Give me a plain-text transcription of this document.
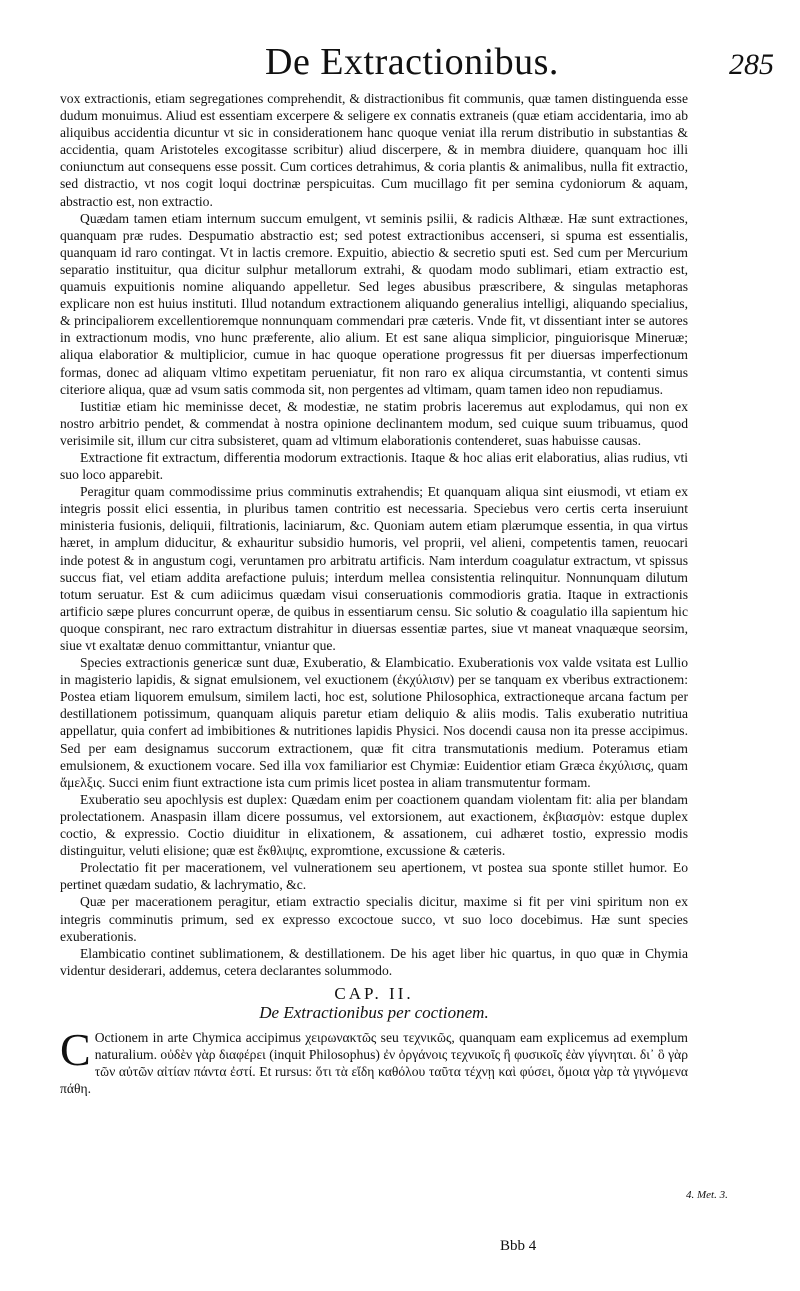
De Extractionibus.	285

vox extractionis, etiam segregationes comprehendit, & distractionibus fit communis, quæ tamen distinguenda esse dudum monuimus. Aliud est essentiam excerpere & seligere ex connatis extraneis (quæ etiam accidentaria, imo ab aliquibus accidentia dicuntur vt sic in considerationem hanc quoque veniat illa rerum distributio in substantias & accidentia, quam Aristoteles excogitasse scribitur) aliud discerpere, & in membra diuidere, quanquam hoc illi coniunctum aut consequens esse possit. Cum cortices detrahimus, & coria plantis & animalibus, nulla fit extractio, sed distractio, vt nos cogit loqui doctrinæ perspicuitas. Cum mucillago fit per semina cydoniorum & aquam, abstractio est, non extractio.

Quædam tamen etiam internum succum emulgent, vt seminis psilii, & radicis Althææ. Hæ sunt extractiones, quanquam præ rudes. Despumatio abstractio est; sed potest extractionibus accenseri, si spuma est essentialis, quanquam id raro contingat. Vt in lactis cremore. Expuitio, abiectio & secretio sputi est. Sed cum per Mercurium separatio instituitur, qua dicitur sulphur metallorum extrahi, & quodam modo sublimari, etiam extractio est, quamuis expuitionis nomine aliquando appelletur. Sed leges abusibus præscribere, & singulas metaphoras explicare non est huius instituti. Illud notandum extractionem aliquando generalius intelligi, aliquando specialius, & principaliorem excellentioremque nonnunquam commendari præ cæteris. Vnde fit, vt dissentiant inter se autores in extractionum modis, vno hunc præferente, alio alium. Et est sane aliqua simplicior, pinguiorisque Mineruæ; aliqua elaboratior & multiplicior, cumue in hac quoque operatione progressus fit per diuersas imperfectionum formas, donec ad aliquam vltimo expetitam perueniatur, fit non raro ex aliqua circumstantia, vt contenti simus citeriore aliqua, quæ ad vsum satis commoda sit, non pergentes ad vltimam, quam tamen ideo non repudiamus.

Iustitiæ etiam hic meminisse decet, & modestiæ, ne statim probris laceremus aut explodamus, qui non ex nostro arbitrio pendet, & commendat à nostra opinione declinantem modum, sed cuique suum tribuamus, quod verisimile sit, illum cur citra subsisteret, quam ad vltimum elaborationis contenderet, suas habuisse causas.

Extractione fit extractum, differentia modorum extractionis. Itaque & hoc alias erit elaboratius, alias rudius, vti suo loco apparebit.

Peragitur quam commodissime prius comminutis extrahendis; Et quanquam aliqua sint eiusmodi, vt etiam ex integris possit elici essentia, in pluribus tamen contritio est necessaria. Speciebus vero certis certa inseruiunt ministeria fusionis, deliquii, filtrationis, laciniarum, &c. Quoniam autem etiam plærumque essentia, in qua virtus hæret, in amplum diducitur, & exhauritur subsidio humoris, vel proprii, vel alieni, competentis tamen, reuocari inde potest & in angustum cogi, veruntamen pro arbitratu artificis. Nam interdum coagulatur extractum, vt spissus succus fiat, vel etiam addita arefactione puluis; interdum mellea consistentia relinquitur. Nonnunquam dilutum totum seruatur. Est & cum adiicimus quædam visui conseruationis commodioris gratia. Itaque in extractionis artificio sæpe plures concurrunt operæ, de quibus in essentiarum censu. Sic solutio & coagulatio illa sapientum hic quoque conspirant, nec raro extractum distrahitur in diuersas essentiæ partes, siue vt maneat vnaquæque seorsim, siue vt exaltatæ denuo committantur, vniantur que.

Species extractionis genericæ sunt duæ, Exuberatio, & Elambicatio. Exuberationis vox valde vsitata est Lullio in magisterio lapidis, & signat emulsionem, vel exuctionem (ἐκχύλισιν) per se tanquam ex vberibus extractionem: Postea etiam liquorem emulsum, similem lacti, hoc est, solutione Philosophica, extractioneque arcana factum per destillationem potissimum, quanquam aliquis paretur etiam deliquio & aliis modis. Talis exuberatio nutritiua appellatur, quia confert ad imbibitiones & nutritiones lapidis Physici. Nos docendi causa non ita presse accipimus. Sed per eam designamus succorum extractionem, quæ fit citra transmutationis medium. Poteramus etiam emulsionem, & exuctionem vocare. Sed illa vox familiarior est Chymiæ: Euidentior etiam Græca ἐκχύλισις, quam ἄμελξις. Succi enim fiunt extractione ista cum primis licet postea in aliam transmutentur formam.

Exuberatio seu apochlysis est duplex: Quædam enim per coactionem quandam violentam fit: alia per blandam prolectationem. Anaspasin illam dicere possumus, vel extorsionem, aut exactionem, ἐκβιασμὸν: estque duplex coctio, & expressio. Coctio diuiditur in elixationem, & assationem, cui adhæret tostio, expressio modis distinguitur, veluti elisione; quæ est ἔκθλιψις, expromtione, excussione & cæteris.

Prolectatio fit per macerationem, vel vulnerationem seu apertionem, vt postea sua sponte stillet humor. Eo pertinet quædam sudatio, & lachrymatio, &c.

Quæ per macerationem peragitur, etiam extractio specialis dicitur, maxime si fit per vini spiritum non ex integris comminutis primum, sed ex expresso excoctoue succo, vt suo loco docebimus. Hæ sunt species exuberationis.

Elambicatio continet sublimationem, & destillationem. De his aget liber hic quartus, in quo quæ in Chymia videntur desiderari, addemus, cetera declarantes solummodo.

CAP. II.
De Extractionibus per coctionem.

C Octionem in arte Chymica accipimus χειρωνακτῶς seu τεχνικῶς, quanquam eam explicemus ad exemplum naturalium. οὐδὲν γὰρ διαφέρει (inquit Philosophus) ἐν ὀργάνοις τεχνικοῖς ἢ φυσικοῖς ἐὰν γίγνηται. δι᾽ ὃ γὰρ τῶν αὐτῶν αἰτίαν πάντα ἐστί. Et rursus: ὅτι τὰ εἴδη καθόλου ταῦτα τέχνῃ καὶ φύσει, ὅμοια γὰρ τὰ γιγνόμενα πάθη.

4. Met. 3.
Bbb 4
